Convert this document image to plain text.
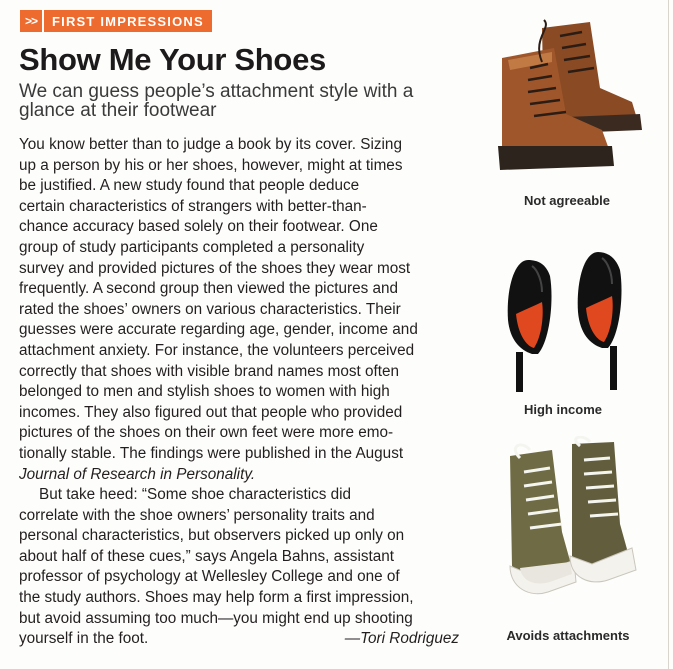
>>	FIRST IMPRESSIONS
Show Me Your Shoes

We can guess people’s attachment style with a glance at their footwear

You know better than to judge a book by its cover. Sizing
up a person by his or her shoes, however, might at times
be justified. A new study found that people deduce
certain characteristics of strangers with better-than-
chance accuracy based solely on their footwear. One
group of study participants completed a personality
survey and provided pictures of the shoes they wear most
frequently. A second group then viewed the pictures and
rated the shoes’ owners on various characteristics. Their
guesses were accurate regarding age, gender, income and
attachment anxiety. For instance, the volunteers perceived
correctly that shoes with visible brand names most often
belonged to men and stylish shoes to women with high
incomes. They also figured out that people who provided
pictures of the shoes on their own feet were more emo-
tionally stable. The findings were published in the August
Journal of Research in Personality.
But take heed: “Some shoe characteristics did
correlate with the shoe owners’ personality traits and
personal characteristics, but observers picked up only on
about half of these cues,” says Angela Bahns, assistant
professor of psychology at Wellesley College and one of
the study authors. Shoes may help form a first impression,
but avoid assuming too much—you might end up shooting
yourself in the foot.	—Tori Rodriguez
Not agreeable
High income
Avoids attachments
